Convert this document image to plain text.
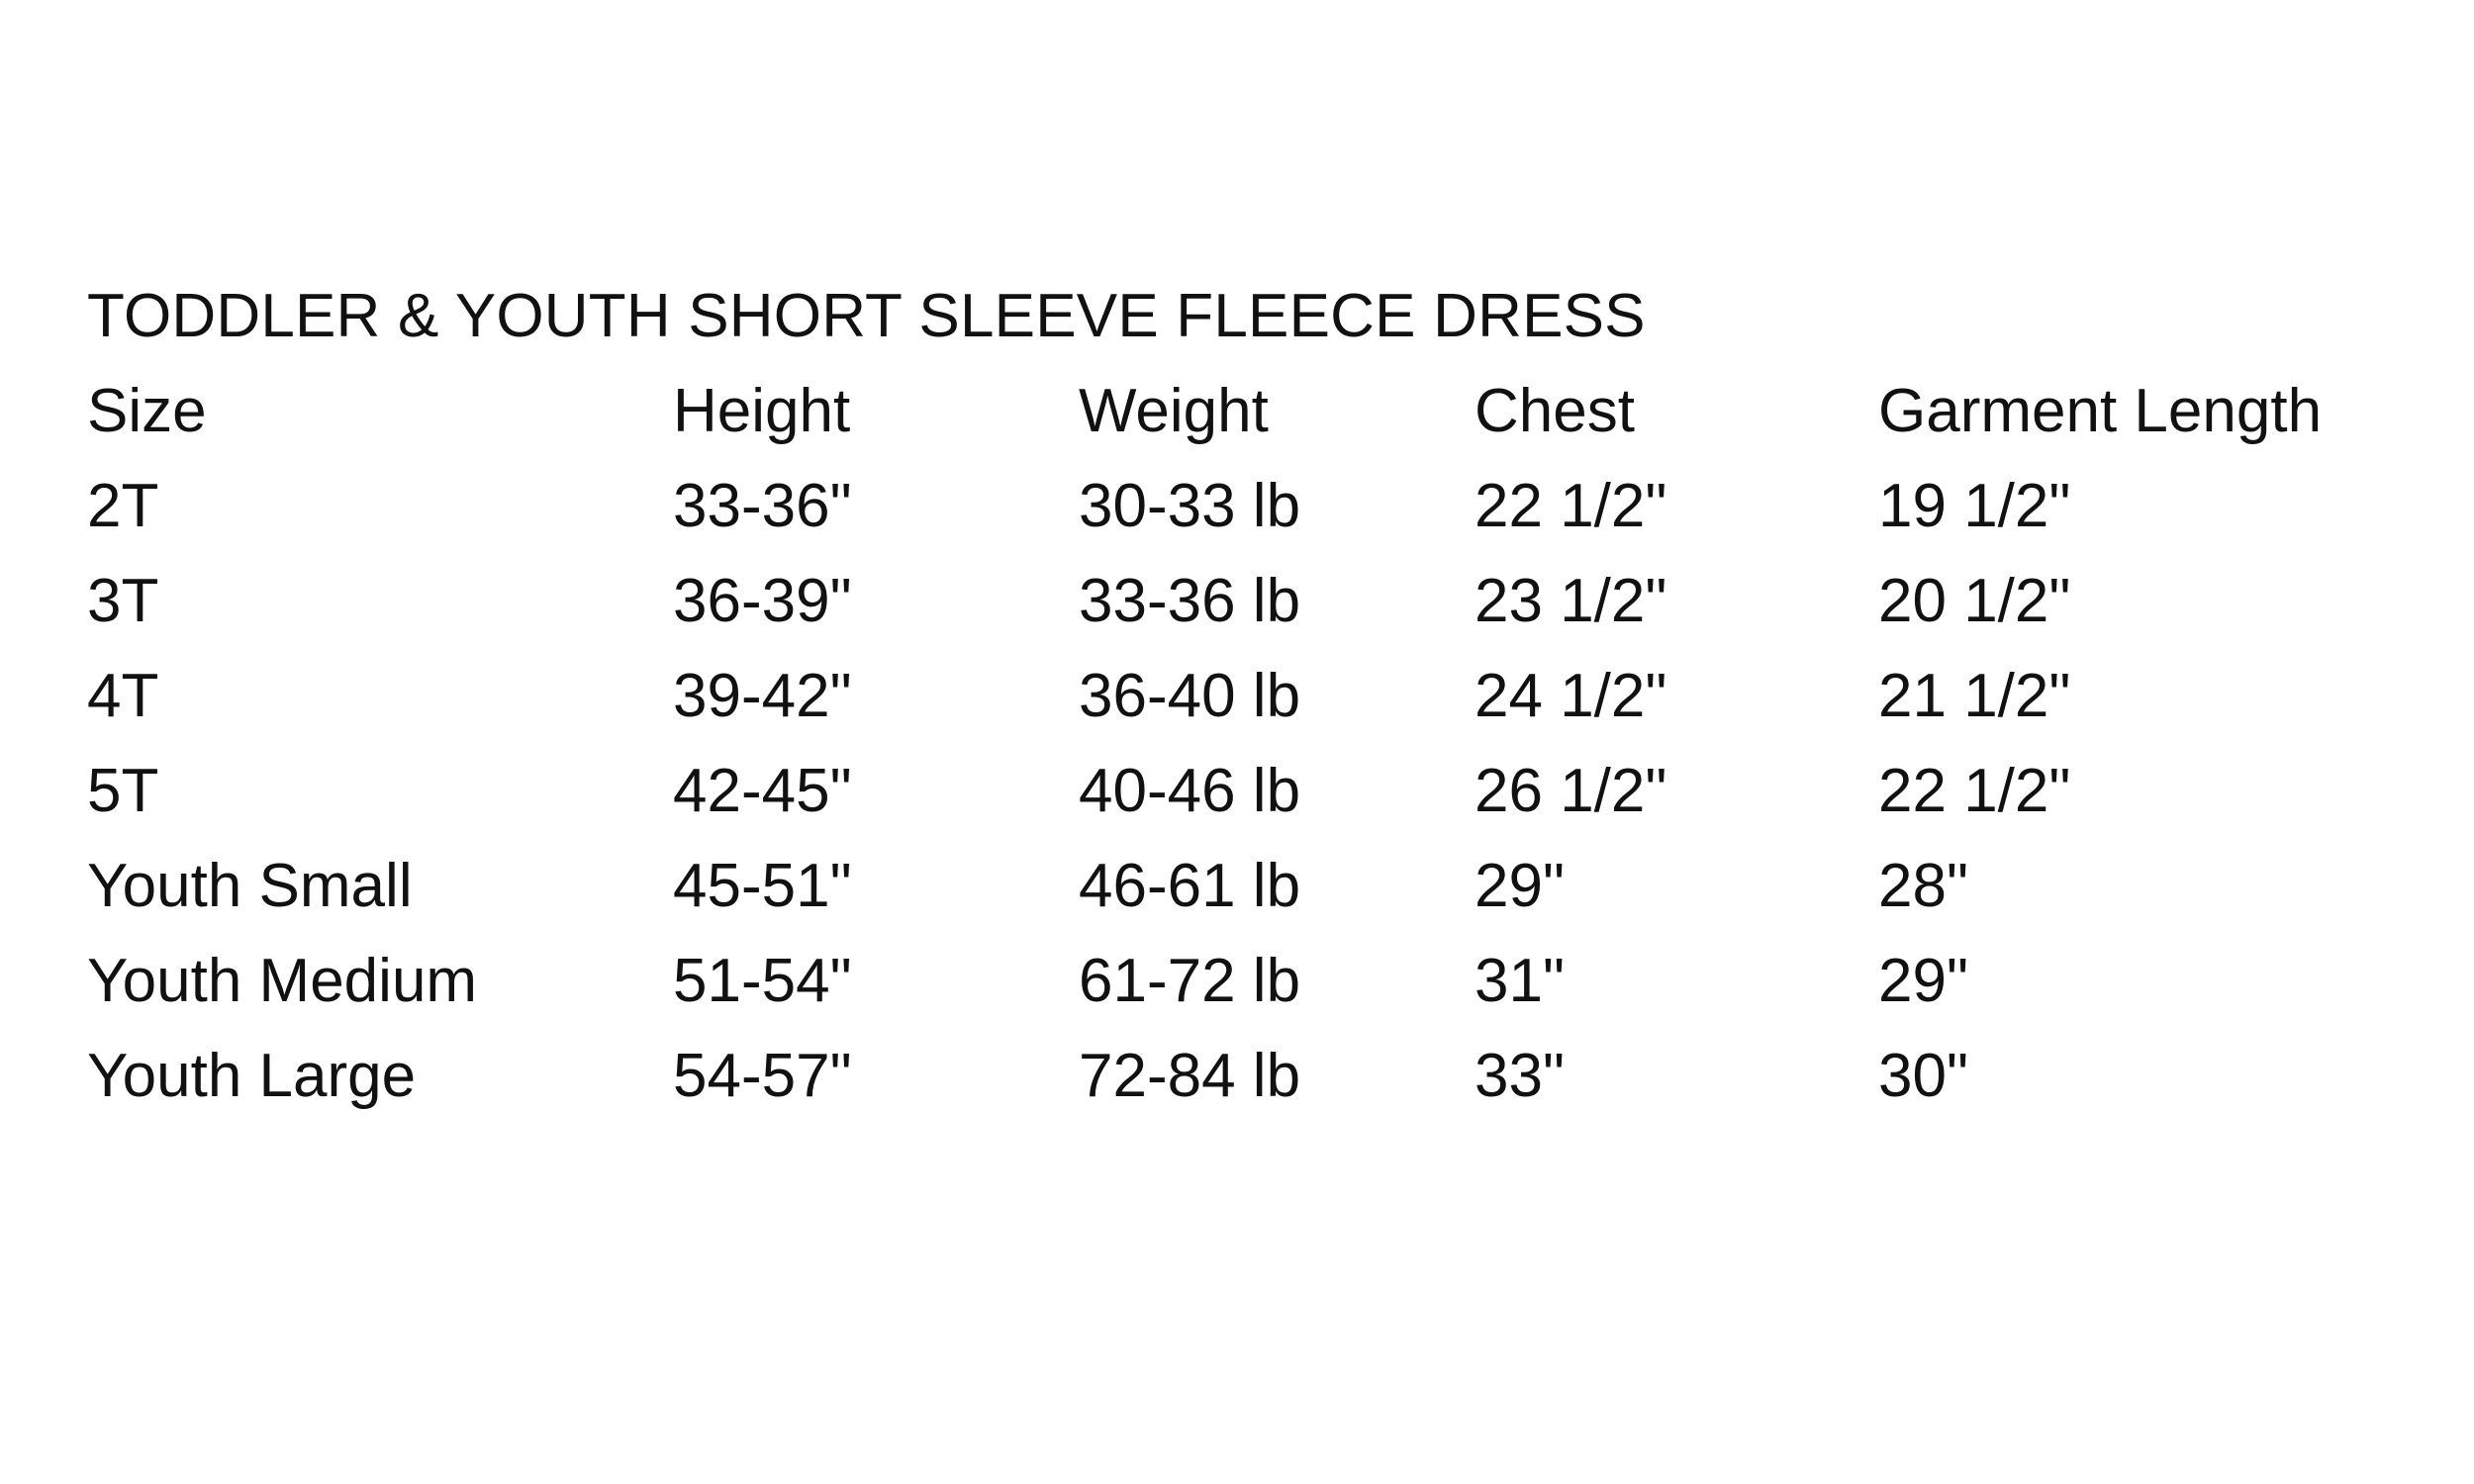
TODDLER & YOUTH SHORT SLEEVE FLEECE DRESS
Size	Height	Weight	Chest	Garment Length
2T	33-36"	30-33 lb	22 1/2"	19 1/2"
3T	36-39"	33-36 lb	23 1/2"	20 1/2"
4T	39-42"	36-40 lb	24 1/2"	21 1/2"
5T	42-45"	40-46 lb	26 1/2"	22 1/2"
Youth Small	45-51"	46-61 lb	29"	28"
Youth Medium	51-54"	61-72 lb	31"	29"
Youth Large	54-57"	72-84 lb	33"	30"
